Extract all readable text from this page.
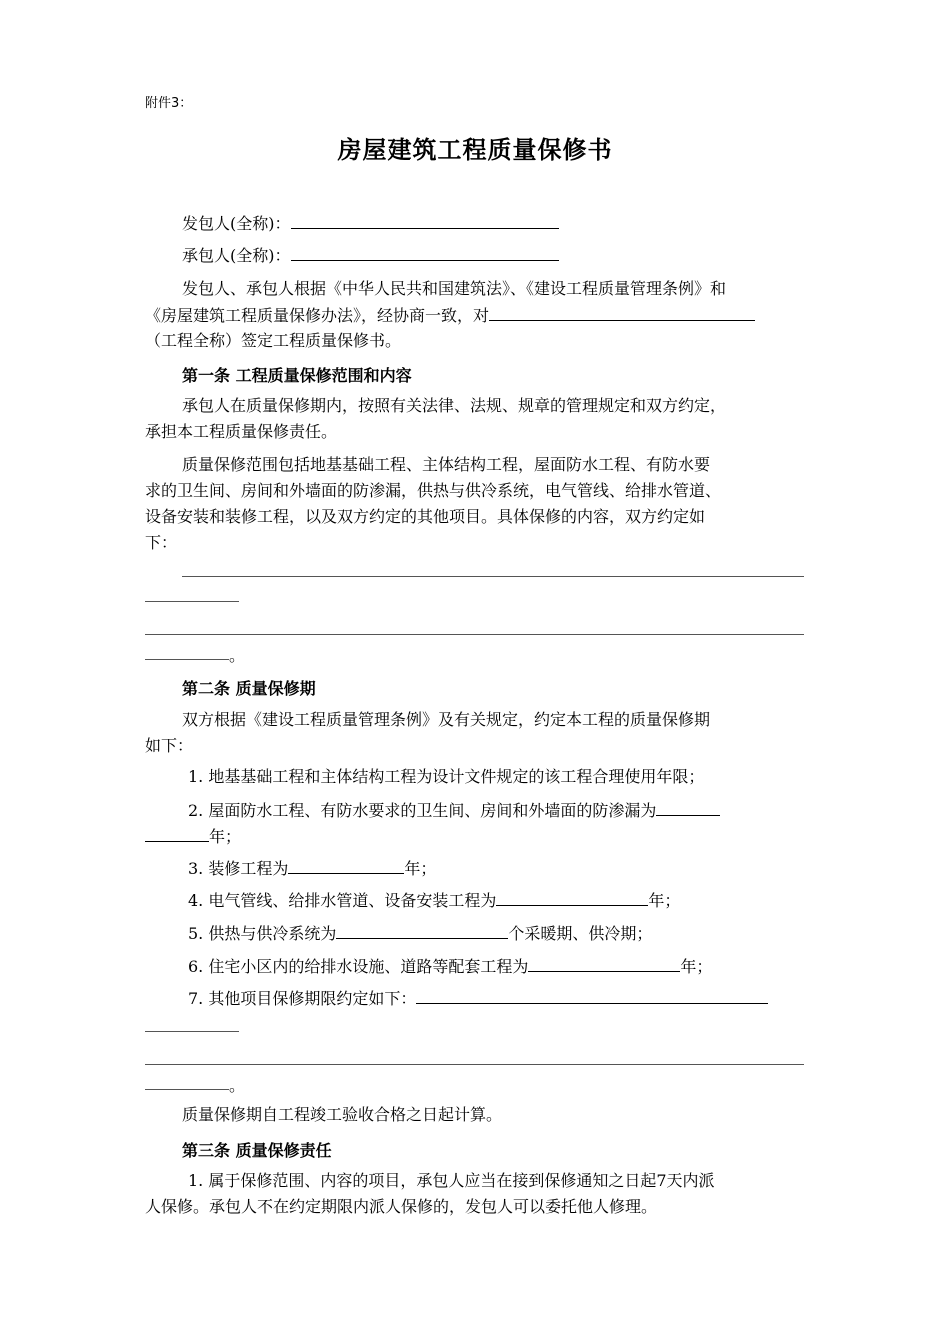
附件3：
房屋建筑工程质量保修书
发包人(全称)：
承包人(全称)：
发包人、承包人根据《中华人民共和国建筑法》、《建设工程质量管理条例》和
《房屋建筑工程质量保修办法》，经协商一致，对
（工程全称）签定工程质量保修书。
第一条 工程质量保修范围和内容
承包人在质量保修期内，按照有关法律、法规、规章的管理规定和双方约定，
承担本工程质量保修责任。
质量保修范围包括地基基础工程、主体结构工程，屋面防水工程、有防水要
求的卫生间、房间和外墙面的防渗漏，供热与供冷系统，电气管线、给排水管道、
设备安装和装修工程，以及双方约定的其他项目。具体保修的内容，双方约定如
下：
。
第二条 质量保修期
双方根据《建设工程质量管理条例》及有关规定，约定本工程的质量保修期
如下：
1. 地基基础工程和主体结构工程为设计文件规定的该工程合理使用年限；
2. 屋面防水工程、有防水要求的卫生间、房间和外墙面的防渗漏为
年；
3. 装修工程为	年；
4. 电气管线、给排水管道、设备安装工程为	年；
5. 供热与供冷系统为	个采暖期、供冷期；
6. 住宅小区内的给排水设施、道路等配套工程为	年；
7. 其他项目保修期限约定如下：
。
质量保修期自工程竣工验收合格之日起计算。
第三条 质量保修责任
1. 属于保修范围、内容的项目，承包人应当在接到保修通知之日起7天内派
人保修。承包人不在约定期限内派人保修的，发包人可以委托他人修理。
